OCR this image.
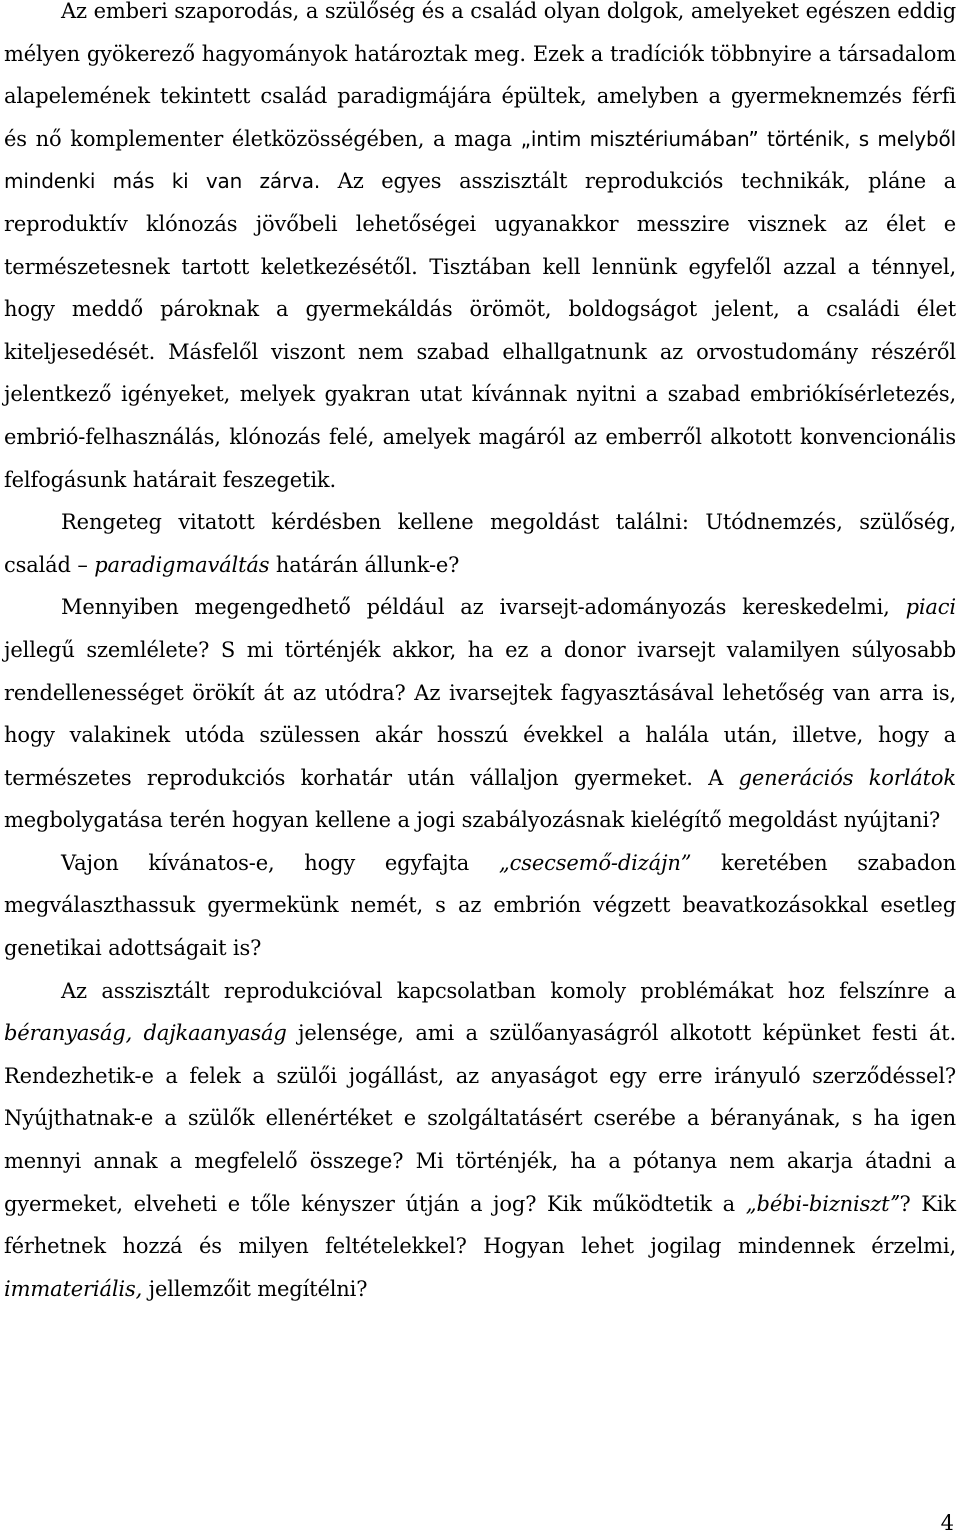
Az emberi szaporodás, a szülőség és a család olyan dolgok, amelyeket egészen eddig mélyen gyökerező hagyományok határoztak meg. Ezek a tradíciók többnyire a társadalom alapelemének tekintett család paradigmájára épültek, amelyben a gyermeknemzés férfi és nő komplementer életközösségében, a maga „intim misztériumában” történik, s melyből mindenki más ki van zárva. Az egyes asszisztált reprodukciós technikák, pláne a reproduktív klónozás jövőbeli lehetőségei ugyanakkor messzire visznek az élet e természetesnek tartott keletkezésétől. Tisztában kell lennünk egyfelől azzal a ténnyel, hogy meddő pároknak a gyermekáldás örömöt, boldogságot jelent, a családi élet kiteljesedését. Másfelől viszont nem szabad elhallgatnunk az orvostudomány részéről jelentkező igényeket, melyek gyakran utat kívánnak nyitni a szabad embriókísérletezés, embrió-felhasználás, klónozás felé, amelyek magáról az emberről alkotott konvencionális felfogásunk határait feszegetik.

Rengeteg vitatott kérdésben kellene megoldást találni: Utódnemzés, szülőség, család – paradigmaváltás határán állunk-e?

Mennyiben megengedhető például az ivarsejt-adományozás kereskedelmi, piaci jellegű szemlélete? S mi történjék akkor, ha ez a donor ivarsejt valamilyen súlyosabb rendellenességet örökít át az utódra? Az ivarsejtek fagyasztásával lehetőség van arra is, hogy valakinek utóda szülessen akár hosszú évekkel a halála után, illetve, hogy a természetes reprodukciós korhatár után vállaljon gyermeket. A generációs korlátok megbolygatása terén hogyan kellene a jogi szabályozásnak kielégítő megoldást nyújtani?

Vajon kívánatos-e, hogy egyfajta „csecsemő-dizájn” keretében szabadon megválaszthassuk gyermekünk nemét, s az embrión végzett beavatkozásokkal esetleg genetikai adottságait is?

Az asszisztált reprodukcióval kapcsolatban komoly problémákat hoz felszínre a béranyaság, dajkaanyaság jelensége, ami a szülőanyaságról alkotott képünket festi át. Rendezhetik-e a felek a szülői jogállást, az anyaságot egy erre irányuló szerződéssel? Nyújthatnak-e a szülők ellenértéket e szolgáltatásért cserébe a béranyának, s ha igen mennyi annak a megfelelő összege? Mi történjék, ha a pótanya nem akarja átadni a gyermeket, elveheti e tőle kényszer útján a jog? Kik működtetik a „bébi-biznisztˮ? Kik férhetnek hozzá és milyen feltételekkel? Hogyan lehet jogilag mindennek érzelmi, immateriális, jellemzőit megítélni?

4
